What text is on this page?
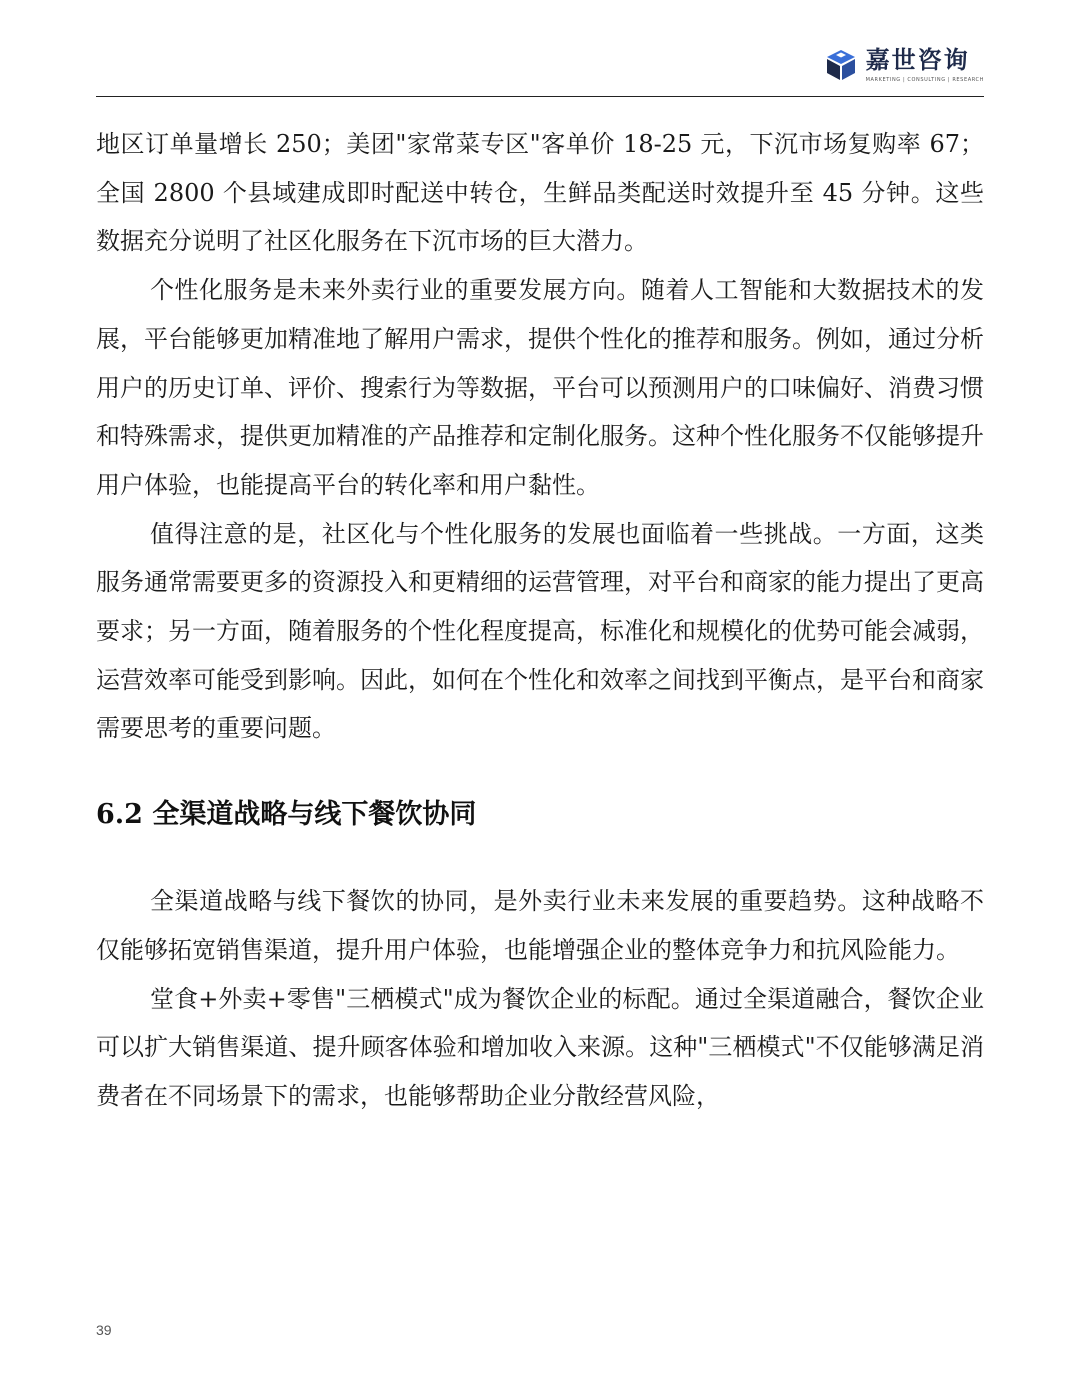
嘉世咨询
MARKETING | CONSULTING | RESEARCH

地区订单量增长 250；美团"家常菜专区"客单价 18-25 元，下沉市场复购率 67；全国 2800 个县域建成即时配送中转仓，生鲜品类配送时效提升至 45 分钟。这些数据充分说明了社区化服务在下沉市场的巨大潜力。

个性化服务是未来外卖行业的重要发展方向。随着人工智能和大数据技术的发展，平台能够更加精准地了解用户需求，提供个性化的推荐和服务。例如，通过分析用户的历史订单、评价、搜索行为等数据，平台可以预测用户的口味偏好、消费习惯和特殊需求，提供更加精准的产品推荐和定制化服务。这种个性化服务不仅能够提升用户体验，也能提高平台的转化率和用户黏性。

值得注意的是，社区化与个性化服务的发展也面临着一些挑战。一方面，这类服务通常需要更多的资源投入和更精细的运营管理，对平台和商家的能力提出了更高要求；另一方面，随着服务的个性化程度提高，标准化和规模化的优势可能会减弱，运营效率可能受到影响。因此，如何在个性化和效率之间找到平衡点，是平台和商家需要思考的重要问题。

6.2 全渠道战略与线下餐饮协同

全渠道战略与线下餐饮的协同，是外卖行业未来发展的重要趋势。这种战略不仅能够拓宽销售渠道，提升用户体验，也能增强企业的整体竞争力和抗风险能力。

堂食+外卖+零售"三栖模式"成为餐饮企业的标配。通过全渠道融合，餐饮企业可以扩大销售渠道、提升顾客体验和增加收入来源。这种"三栖模式"不仅能够满足消费者在不同场景下的需求，也能够帮助企业分散经营风险，

39
